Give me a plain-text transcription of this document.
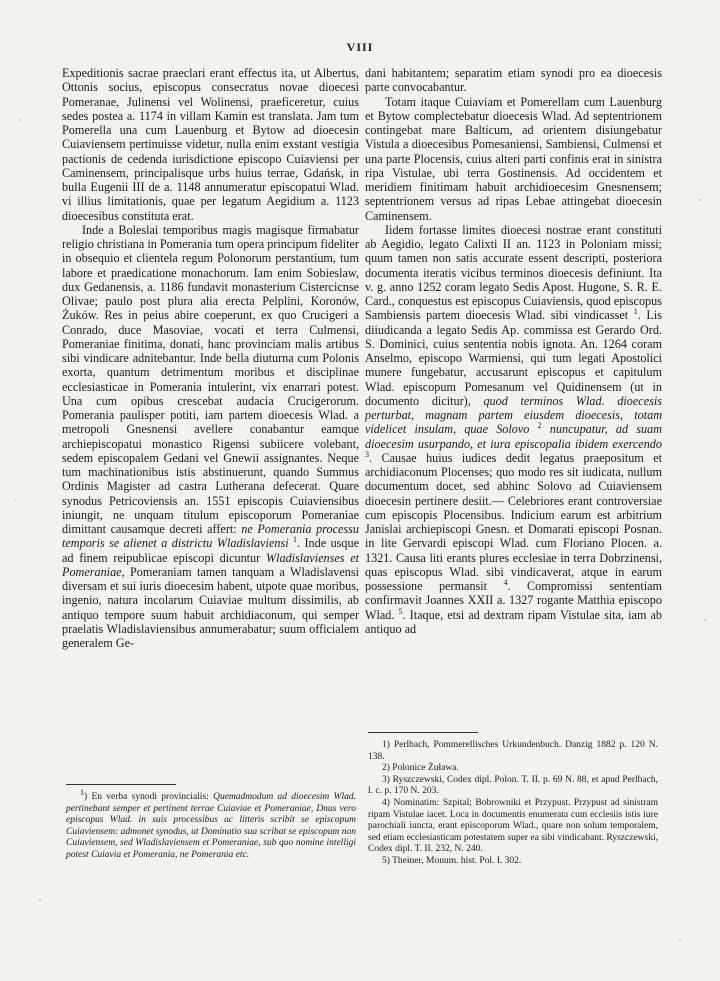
VIII

Expeditionis sacrae praeclari erant effectus ita, ut Albertus, Ottonis socius, episcopus consecratus novae dioecesi Pomeranae, Julinensi vel Wolinensi, praeficeretur, cuius sedes postea a. 1174 in villam Kamin est translata. Jam tum Pomerella una cum Lauenburg et Bytow ad dioecesin Cuiaviensem pertinuisse videtur, nulla enim exstant vestigia pactionis de cedenda iurisdictione episcopo Cuiaviensi per Caminensem, principalisque urbs huius terrae, Gdańsk, in bulla Eugenii III de a. 1148 annumeratur episcopatui Wlad. vi illius limitationis, quae per legatum Aegidium a. 1123 dioecesibus constituta erat.

Inde a Boleslai temporibus magis magisque firmabatur religio christiana in Pomerania tum opera principum fideliter in obsequio et clientela regum Polonorum perstantium, tum labore et praedicatione monachorum. Iam enim Sobieslaw, dux Gedanensis, a. 1186 fundavit monasterium Cistercicnse Olivae; paulo post plura alia erecta Pelplini, Koronów, Żuków. Res in peius abire coeperunt, ex quo Crucigeri a Conrado, duce Masoviae, vocati et terra Culmensi, Pomeraniae finitima, donati, hanc provinciam malis artibus sibi vindicare adnitebantur. Inde bella diuturna cum Polonis exorta, quantum detrimentum moribus et disciplinae ecclesiasticae in Pomerania intulerint, vix enarrari potest. Una cum opibus crescebat audacia Crucigerorum. Pomerania paulisper potiti, iam partem dioecesis Wlad. a metropoli Gnesnensi avellere conabantur eamque archiepiscopatui monastico Rigensi subiicere volebant, sedem episcopalem Gedani vel Gnewii assignantes. Neque tum machinationibus istis abstinuerunt, quando Summus Ordinis Magister ad castra Lutherana defecerat. Quare synodus Petricoviensis an. 1551 episcopis Cuiaviensibus iniungit, ne unquam titulum episcoporum Pomeraniae dimittant causamque decreti affert: ne Pomerania processu temporis se alienet a districtu Wladislaviensi $^1$. Inde usque ad finem reipublicae episcopi dicuntur Wladislavienses et Pomeraniae, Pomeraniam tamen tanquam a Wladislavensi diversam et sui iuris dioecesim habent, utpote quae moribus, ingenio, natura incolarum Cuiaviae multum dissimilis, ab antiquo tempore suum habuit archidiaconum, qui semper praelatis Wladislaviensibus annumerabatur; suum officialem generalem Ge-

dani habitantem; separatim etiam synodi pro ea dioecesis parte convocabantur.

Totam itaque Cuiaviam et Pomerellam cum Lauenburg et Bytow complectebatur dioecesis Wlad. Ad septentrionem contingebat mare Balticum, ad orientem disiungebatur Vistula a dioecesibus Pomesaniensi, Sambiensi, Culmensi et una parte Plocensis, cuius alteri parti confinis erat in sinistra ripa Vistulae, ubi terra Gostinensis. Ad occidentem et meridiem finitimam habuit archidioecesim Gnesnensem; septentrionem versus ad ripas Lebae attingebat dioecesin Caminensem.

Iidem fortasse limites dioecesi nostrae erant constituti ab Aegidio, legato Calixti II an. 1123 in Poloniam missi; quum tamen non satis accurate essent descripti, posteriora documenta iteratis vicibus terminos dioecesis definiunt. Ita v. g. anno 1252 coram legato Sedis Apost. Hugone, S. R. E. Card., conquestus est episcopus Cuiaviensis, quod episcopus Sambiensis partem dioecesis Wlad. sibi vindicasset $^1$. Lis diiudicanda a legato Sedis Ap. commissa est Gerardo Ord. S. Dominici, cuius sententia nobis ignota. An. 1264 coram Anselmo, episcopo Warmiensi, qui tum legati Apostolici munere fungebatur, accusarunt episcopus et capitulum Wlad. episcopum Pomesanum vel Quidinensem (ut in documento dicitur), quod terminos Wlad. dioecesis perturbat, magnam partem eiusdem dioecesis, totam videlicet insulam, quae Solovo $^2$ nuncupatur, ad suam dioecesim usurpando, et iura episcopalia ibidem exercendo $^3$. Causae huius iudices dedit legatus praepositum et archidiaconum Plocenses; quo modo res sit iudicata, nullum documentum docet, sed abhinc Solovo ad Cuiaviensem dioecesin pertinere desiit.— Celebriores erant controversiae cum episcopis Plocensibus. Indicium earum est arbitrium Janislai archiepiscopi Gnesn. et Domarati episcopi Posnan. in lite Gervardi episcopi Wlad. cum Floriano Plocen. a. 1321. Causa liti erants plures ecclesiae in terra Dobrzinensi, quas episcopus Wlad. sibi vindicaverat, atque in earum possessione permansit $^4$. Compromissi sententiam confirmavit Joannes XXII a. 1327 rogante Matthia episcopo Wlad. $^5$. Itaque, etsi ad dextram ripam Vistulae sita, iam ab antiquo ad

$^1$) En verba synodi provincialis: Quemadmodum ad dioecesim Wlad. pertinebant semper et pertinent terrae Cuiaviae et Pomeraniae, Dnus vero episcopus Wlad. in suis processibus ac litteris scribit se episcopum Cuiaviensem: admonet synodus, ut Dominatio sua scribat se episcopum non Cuiaviensem, sed Wladislaviensem et Pomeraniae, sub quo nomine intelligi potest Cuiavia et Pomerania, ne Pomerania etc.

1) Perlbach, Pommerellisches Urkundenbuch. Danzig 1882 p. 120 N. 138.

2) Polonice Żuława.

3) Ryszczewski, Codex dipl. Polon. T. II. p. 69 N. 88, et apud Perlbach, l. c. p. 170 N. 203.

4) Nominatim: Szpital; Bobrowniki et Przypust. Przypust ad sinistram ripam Vistulae iacet. Loca in documentis enumerata cum ecclesiis istis iure parochiali iuncta, erant episcoporum Wlad., quare non solum temporalem, sed etiam ecclesiasticam potestatem super ea sibi vindicabant. Ryszczewski, Codex dipl. T. II. 232, N. 240.

5) Theiner, Monum. hist. Pol. I. 302.
